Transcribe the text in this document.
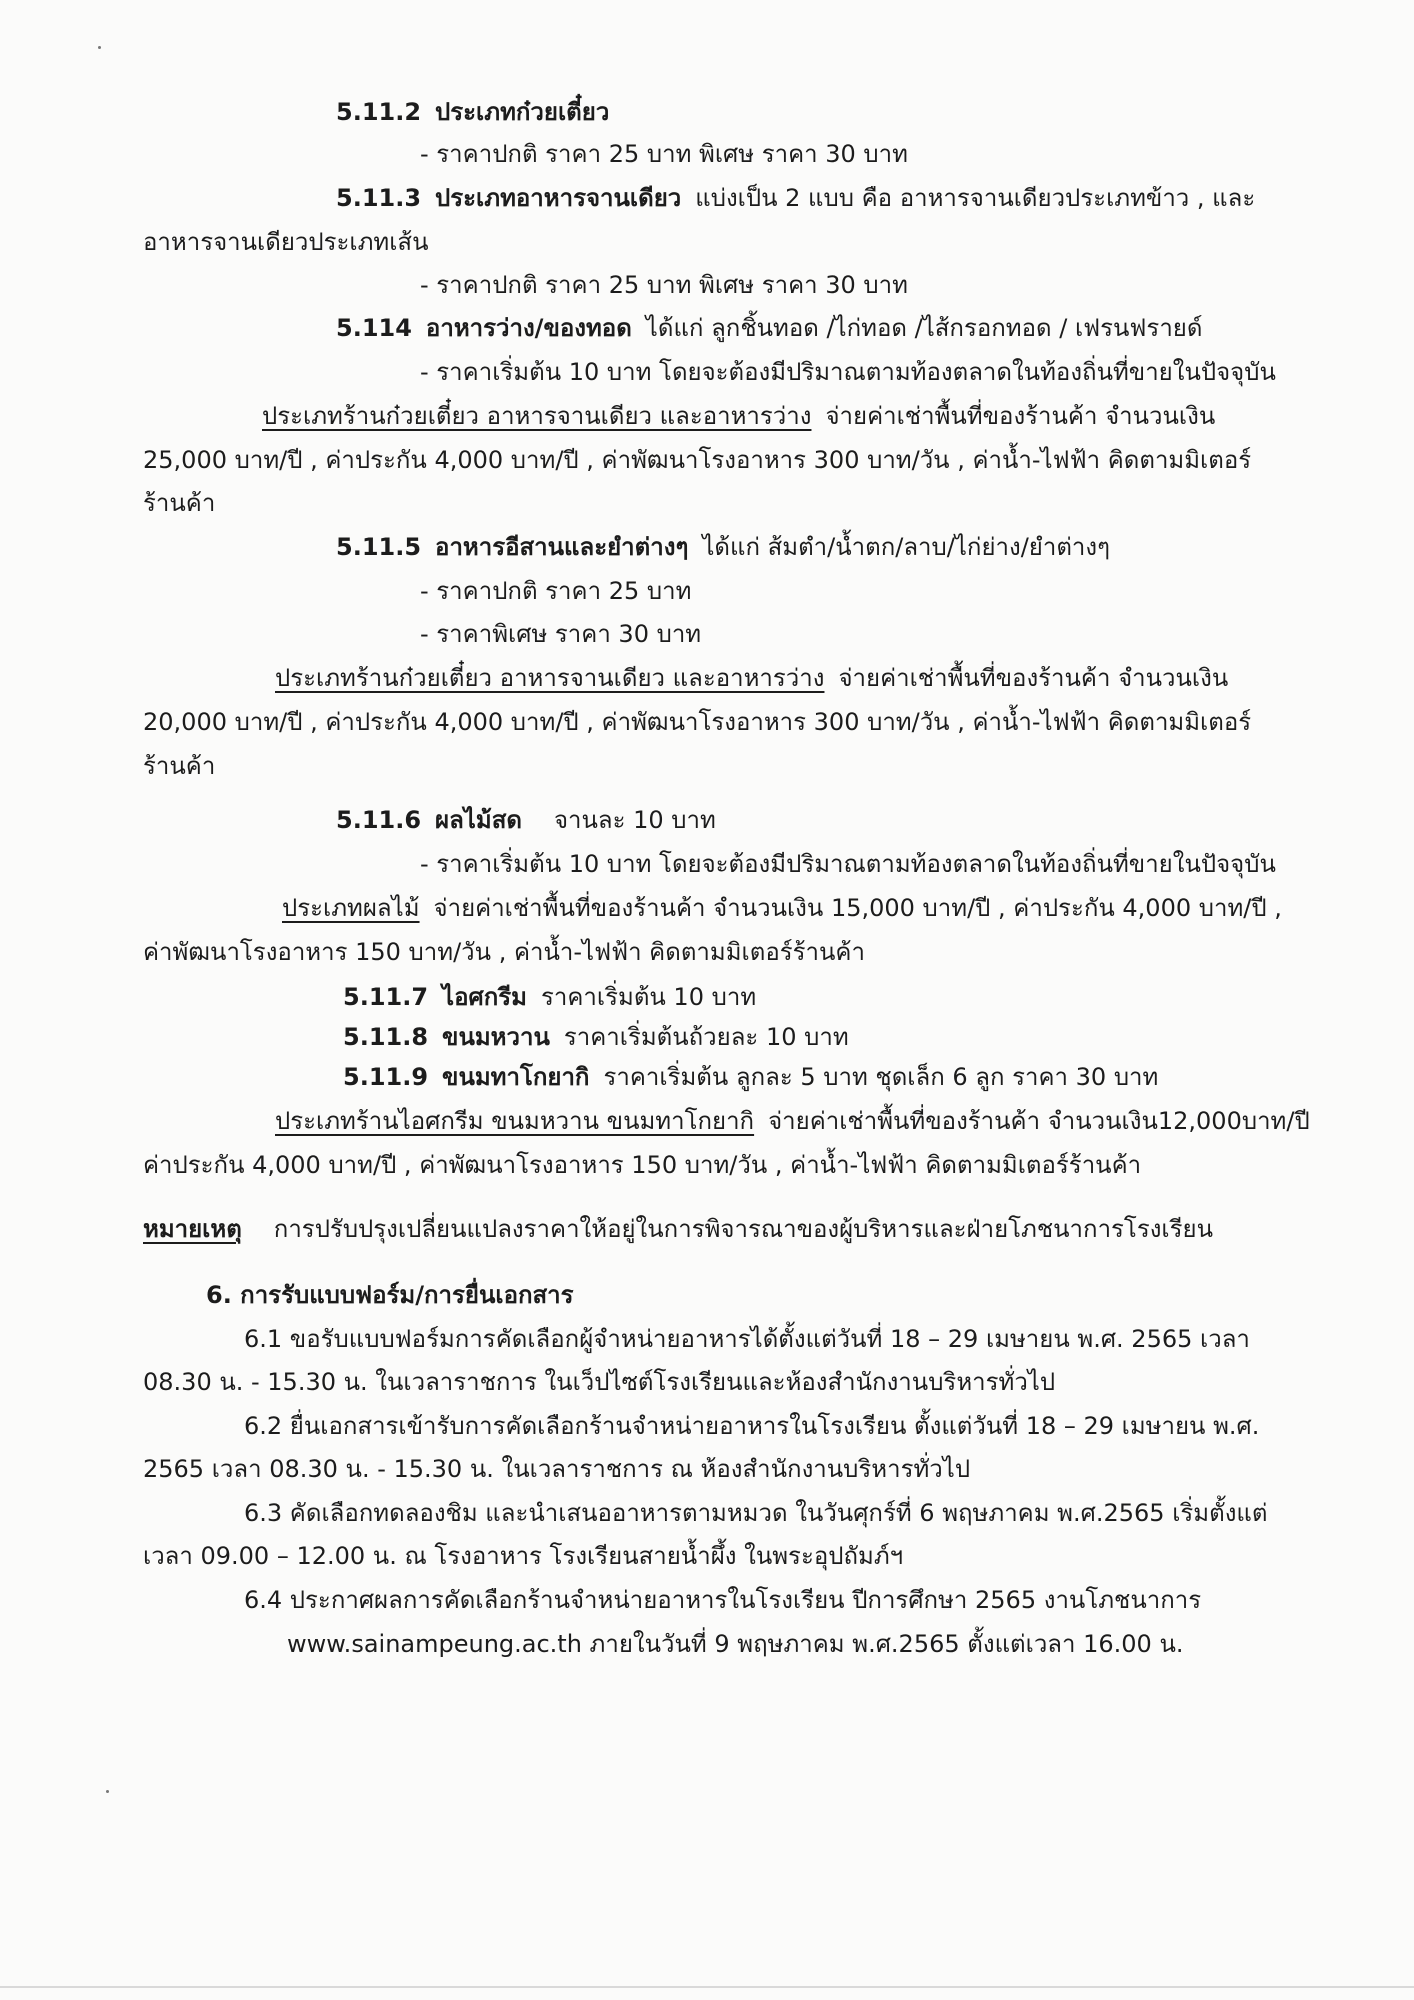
5.11.2 ประเภทก๋วยเตี๋ยว
- ราคาปกติ ราคา 25 บาท พิเศษ ราคา 30 บาท
5.11.3 ประเภทอาหารจานเดียว แบ่งเป็น 2 แบบ คือ อาหารจานเดียวประเภทข้าว , และ
อาหารจานเดียวประเภทเส้น
- ราคาปกติ ราคา 25 บาท พิเศษ ราคา 30 บาท
5.114 อาหารว่าง/ของทอด ได้แก่ ลูกชิ้นทอด /ไก่ทอด /ไส้กรอกทอด / เฟรนฟรายด์
- ราคาเริ่มต้น 10 บาท โดยจะต้องมีปริมาณตามท้องตลาดในท้องถิ่นที่ขายในปัจจุบัน
ประเภทร้านก๋วยเตี๋ยว อาหารจานเดียว และอาหารว่าง จ่ายค่าเช่าพื้นที่ของร้านค้า จำนวนเงิน
25,000 บาท/ปี , ค่าประกัน 4,000 บาท/ปี , ค่าพัฒนาโรงอาหาร 300 บาท/วัน , ค่าน้ำ-ไฟฟ้า คิดตามมิเตอร์
ร้านค้า
5.11.5 อาหารอีสานและยำต่างๆ ได้แก่ ส้มตำ/น้ำตก/ลาบ/ไก่ย่าง/ยำต่างๆ
- ราคาปกติ ราคา 25 บาท
- ราคาพิเศษ ราคา 30 บาท
ประเภทร้านก๋วยเตี๋ยว อาหารจานเดียว และอาหารว่าง จ่ายค่าเช่าพื้นที่ของร้านค้า จำนวนเงิน
20,000 บาท/ปี , ค่าประกัน 4,000 บาท/ปี , ค่าพัฒนาโรงอาหาร 300 บาท/วัน , ค่าน้ำ-ไฟฟ้า คิดตามมิเตอร์
ร้านค้า
5.11.6 ผลไม้สด จานละ 10 บาท
- ราคาเริ่มต้น 10 บาท โดยจะต้องมีปริมาณตามท้องตลาดในท้องถิ่นที่ขายในปัจจุบัน
ประเภทผลไม้ จ่ายค่าเช่าพื้นที่ของร้านค้า จำนวนเงิน 15,000 บาท/ปี , ค่าประกัน 4,000 บาท/ปี ,
ค่าพัฒนาโรงอาหาร 150 บาท/วัน , ค่าน้ำ-ไฟฟ้า คิดตามมิเตอร์ร้านค้า
5.11.7 ไอศกรีม ราคาเริ่มต้น 10 บาท
5.11.8 ขนมหวาน ราคาเริ่มต้นถ้วยละ 10 บาท
5.11.9 ขนมทาโกยากิ ราคาเริ่มต้น ลูกละ 5 บาท ชุดเล็ก 6 ลูก ราคา 30 บาท
ประเภทร้านไอศกรีม ขนมหวาน ขนมทาโกยากิ จ่ายค่าเช่าพื้นที่ของร้านค้า จำนวนเงิน12,000บาท/ปี
ค่าประกัน 4,000 บาท/ปี , ค่าพัฒนาโรงอาหาร 150 บาท/วัน , ค่าน้ำ-ไฟฟ้า คิดตามมิเตอร์ร้านค้า
หมายเหตุ การปรับปรุงเปลี่ยนแปลงราคาให้อยู่ในการพิจารณาของผู้บริหารและฝ่ายโภชนาการโรงเรียน
6. การรับแบบฟอร์ม/การยื่นเอกสาร
6.1 ขอรับแบบฟอร์มการคัดเลือกผู้จำหน่ายอาหารได้ตั้งแต่วันที่ 18 – 29 เมษายน พ.ศ. 2565 เวลา
08.30 น. - 15.30 น. ในเวลาราชการ ในเว็ปไซต์โรงเรียนและห้องสำนักงานบริหารทั่วไป
6.2 ยื่นเอกสารเข้ารับการคัดเลือกร้านจำหน่ายอาหารในโรงเรียน ตั้งแต่วันที่ 18 – 29 เมษายน พ.ศ.
2565 เวลา 08.30 น. - 15.30 น. ในเวลาราชการ ณ ห้องสำนักงานบริหารทั่วไป
6.3 คัดเลือกทดลองชิม และนำเสนออาหารตามหมวด ในวันศุกร์ที่ 6 พฤษภาคม พ.ศ.2565 เริ่มตั้งแต่
เวลา 09.00 – 12.00 น. ณ โรงอาหาร โรงเรียนสายน้ำผึ้ง ในพระอุปถัมภ์ฯ
6.4 ประกาศผลการคัดเลือกร้านจำหน่ายอาหารในโรงเรียน ปีการศึกษา 2565 งานโภชนาการ
www.sainampeung.ac.th ภายในวันที่ 9 พฤษภาคม พ.ศ.2565 ตั้งแต่เวลา 16.00 น.
